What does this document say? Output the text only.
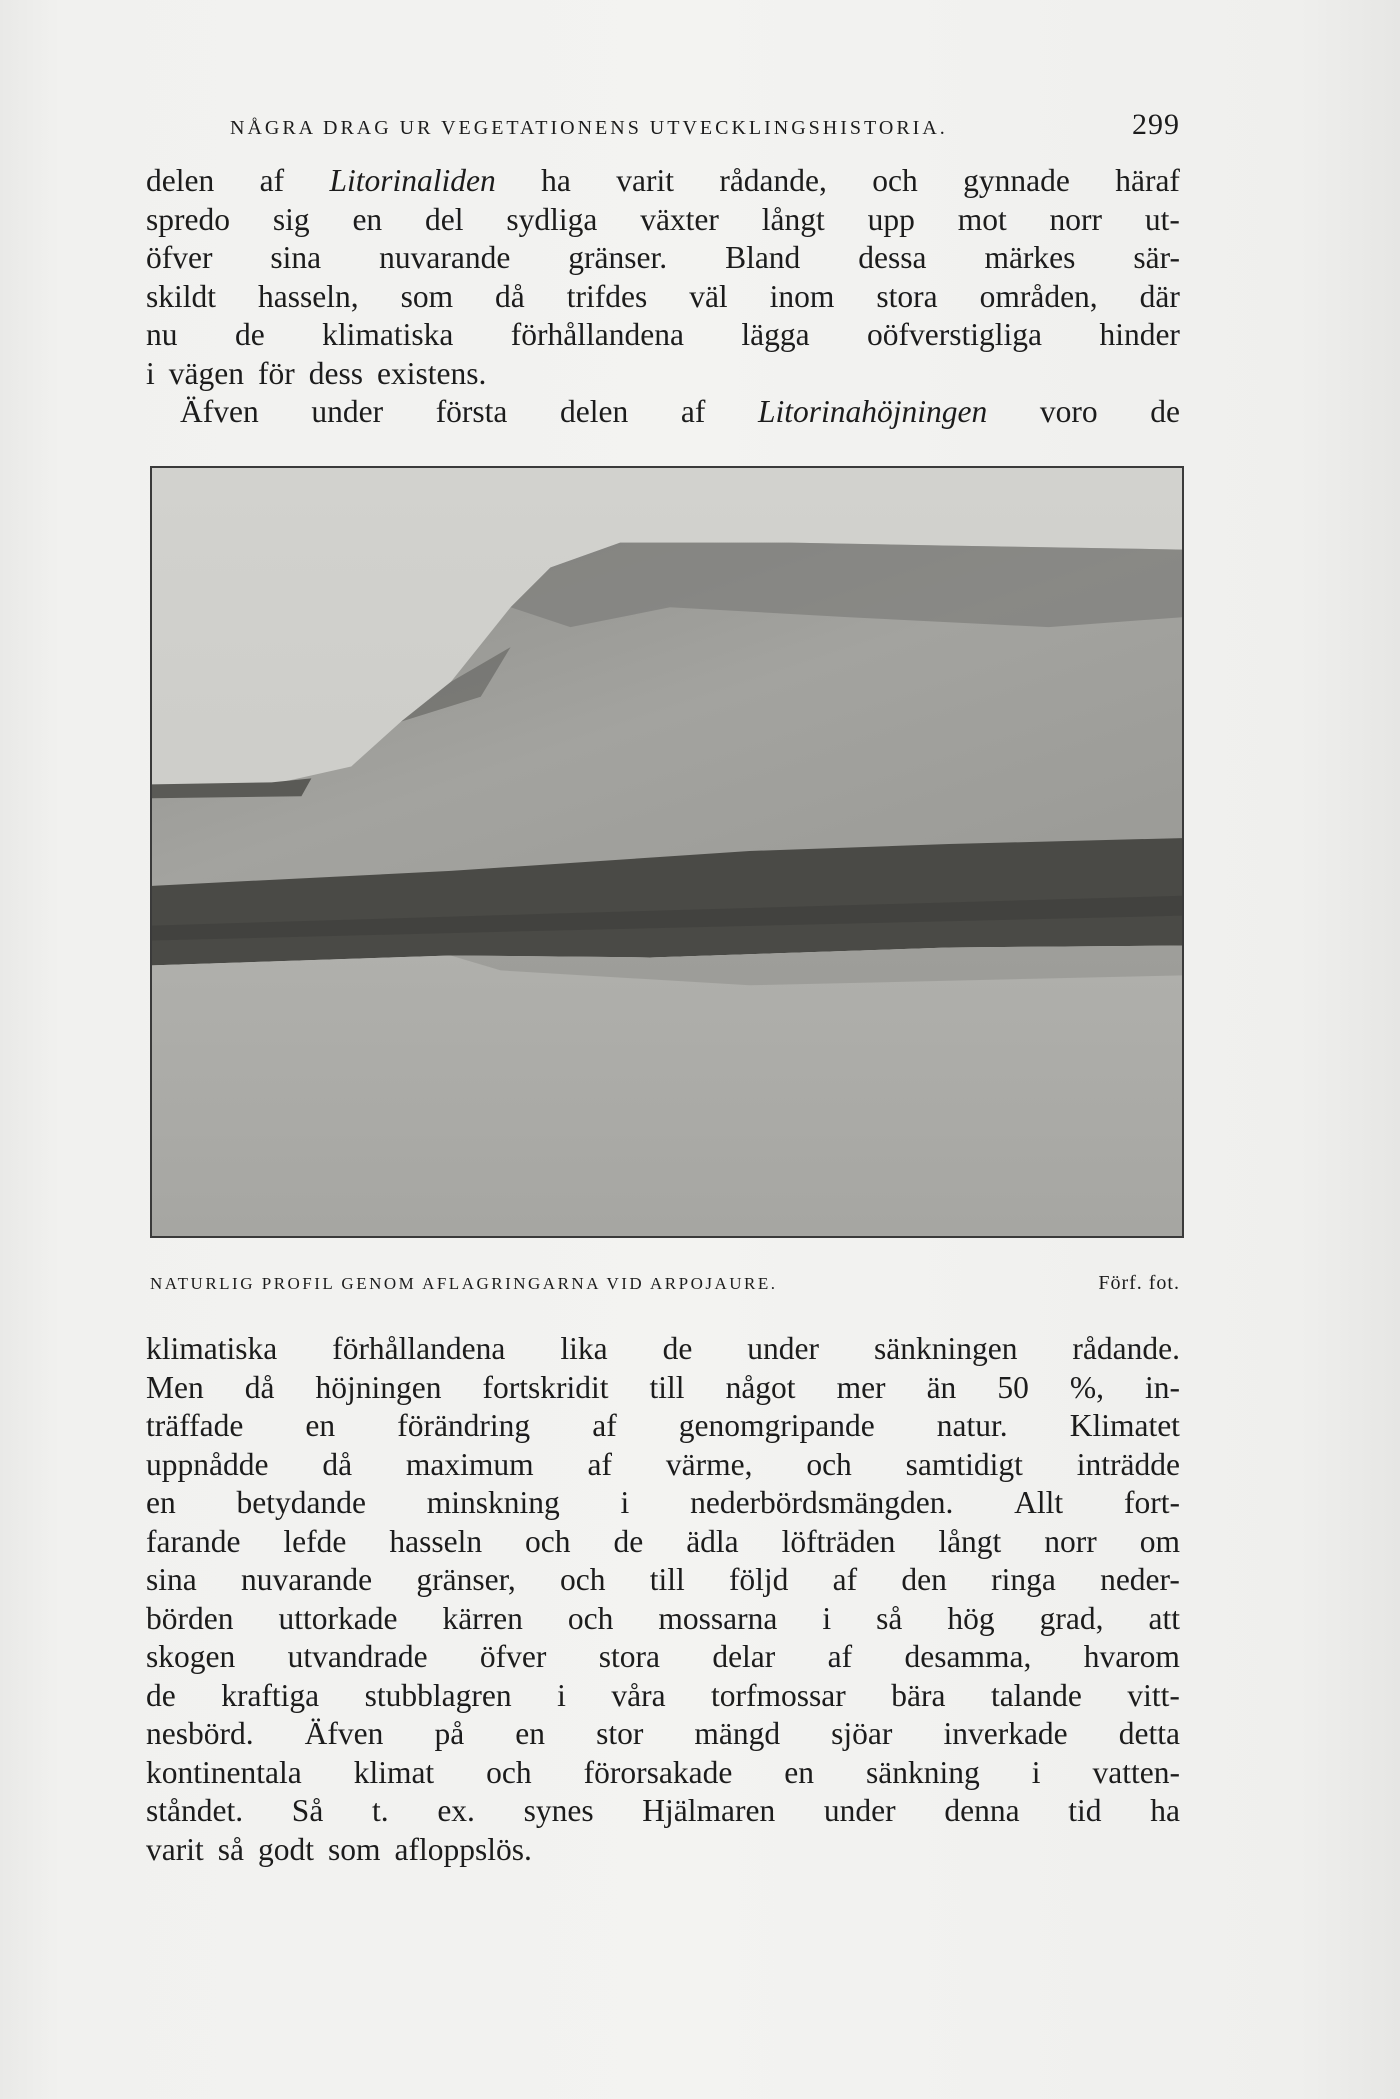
NÅGRA DRAG UR VEGETATIONENS UTVECKLINGSHISTORIA.	299
delen af Litorinaliden ha varit rådande, och gynnade häraf
spredo sig en del sydliga växter långt upp mot norr ut-
öfver sina nuvarande gränser. Bland dessa märkes sär-
skildt hasseln, som då trifdes väl inom stora områden, där
nu de klimatiska förhållandena lägga oöfverstigliga hinder
i vägen för dess existens.
Äfven under första delen af Litorinahöjningen voro de
NATURLIG PROFIL GENOM AFLAGRINGARNA VID ARPOJAURE.	Förf. fot.
klimatiska förhållandena lika de under sänkningen rådande.
Men då höjningen fortskridit till något mer än 50 %, in-
träffade en förändring af genomgripande natur. Klimatet
uppnådde då maximum af värme, och samtidigt inträdde
en betydande minskning i nederbördsmängden. Allt fort-
farande lefde hasseln och de ädla löfträden långt norr om
sina nuvarande gränser, och till följd af den ringa neder-
börden uttorkade kärren och mossarna i så hög grad, att
skogen utvandrade öfver stora delar af desamma, hvarom
de kraftiga stubblagren i våra torfmossar bära talande vitt-
nesbörd. Äfven på en stor mängd sjöar inverkade detta
kontinentala klimat och förorsakade en sänkning i vatten-
ståndet. Så t. ex. synes Hjälmaren under denna tid ha
varit så godt som afloppslös.
